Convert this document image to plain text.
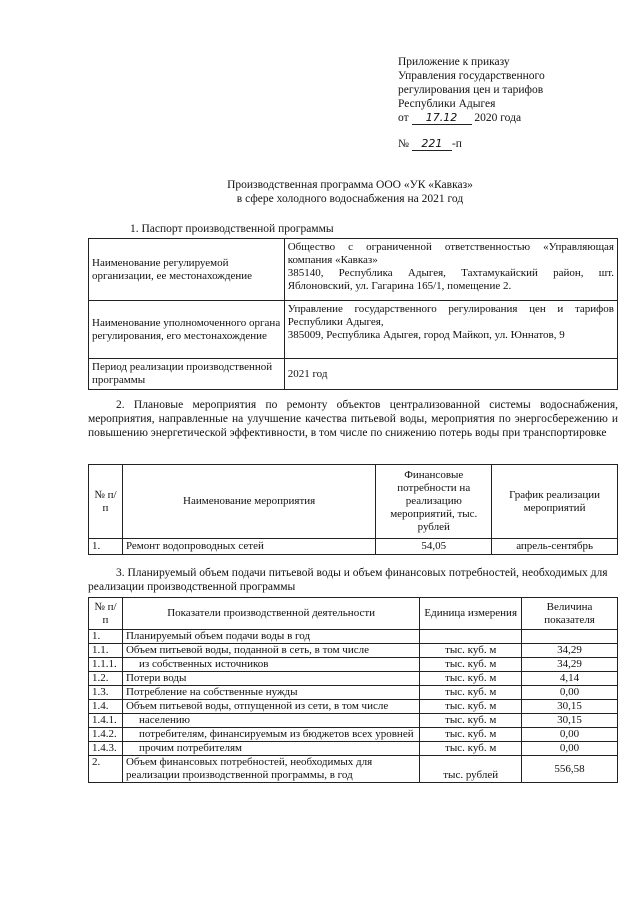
Приложение к приказу
Управления государственного
регулирования цен и тарифов
Республики Адыгея
от 17.12 2020 года
№ 221 -п
Производственная программа ООО «УК «Кавказ»
в сфере холодного водоснабжения на 2021 год
1. Паспорт производственной программы
Наименование регулируемой организации, ее местонахождение	Общество с ограниченной ответственностью «Управляющая компания «Кавказ»
385140, Республика Адыгея, Тахтамукайский район, шт. Яблоновский, ул. Гагарина 165/1, помещение 2.

Наименование уполномоченного органа регулирования, его местонахождение	Управление государственного регулирования цен и тарифов Республики Адыгея,
385009, Республика Адыгея, город Майкоп, ул. Юннатов, 9

Период реализации производственной программы	2021 год
2. Плановые мероприятия по ремонту объектов централизованной системы водоснабжения, мероприятия, направленные на улучшение качества питьевой воды, мероприятия по энергосбережению и повышению энергетической эффективности, в том числе по снижению потерь воды при транспортировке
№ п/п	Наименование мероприятия	Финансовые потребности на реализацию мероприятий, тыс. рублей	График реализации мероприятий
1.	Ремонт водопроводных сетей	54,05	апрель-сентябрь
3. Планируемый объем подачи питьевой воды и объем финансовых потребностей, необходимых для реализации производственной программы
№ п/п	Показатели производственной деятельности	Единица измерения	Величина показателя
1.	Планируемый объем подачи воды в год		
1.1.	Объем питьевой воды, поданной в сеть, в том числе	тыс. куб. м	34,29
1.1.1.	из собственных источников	тыс. куб. м	34,29
1.2.	Потери воды	тыс. куб. м	4,14
1.3.	Потребление на собственные нужды	тыс. куб. м	0,00
1.4.	Объем питьевой воды, отпущенной из сети, в том числе	тыс. куб. м	30,15
1.4.1.	населению	тыс. куб. м	30,15
1.4.2.	потребителям, финансируемым из бюджетов всех уровней	тыс. куб. м	0,00
1.4.3.	прочим потребителям	тыс. куб. м	0,00
2.	Объем финансовых потребностей, необходимых для реализации производственной программы, в год	тыс. рублей	556,58
